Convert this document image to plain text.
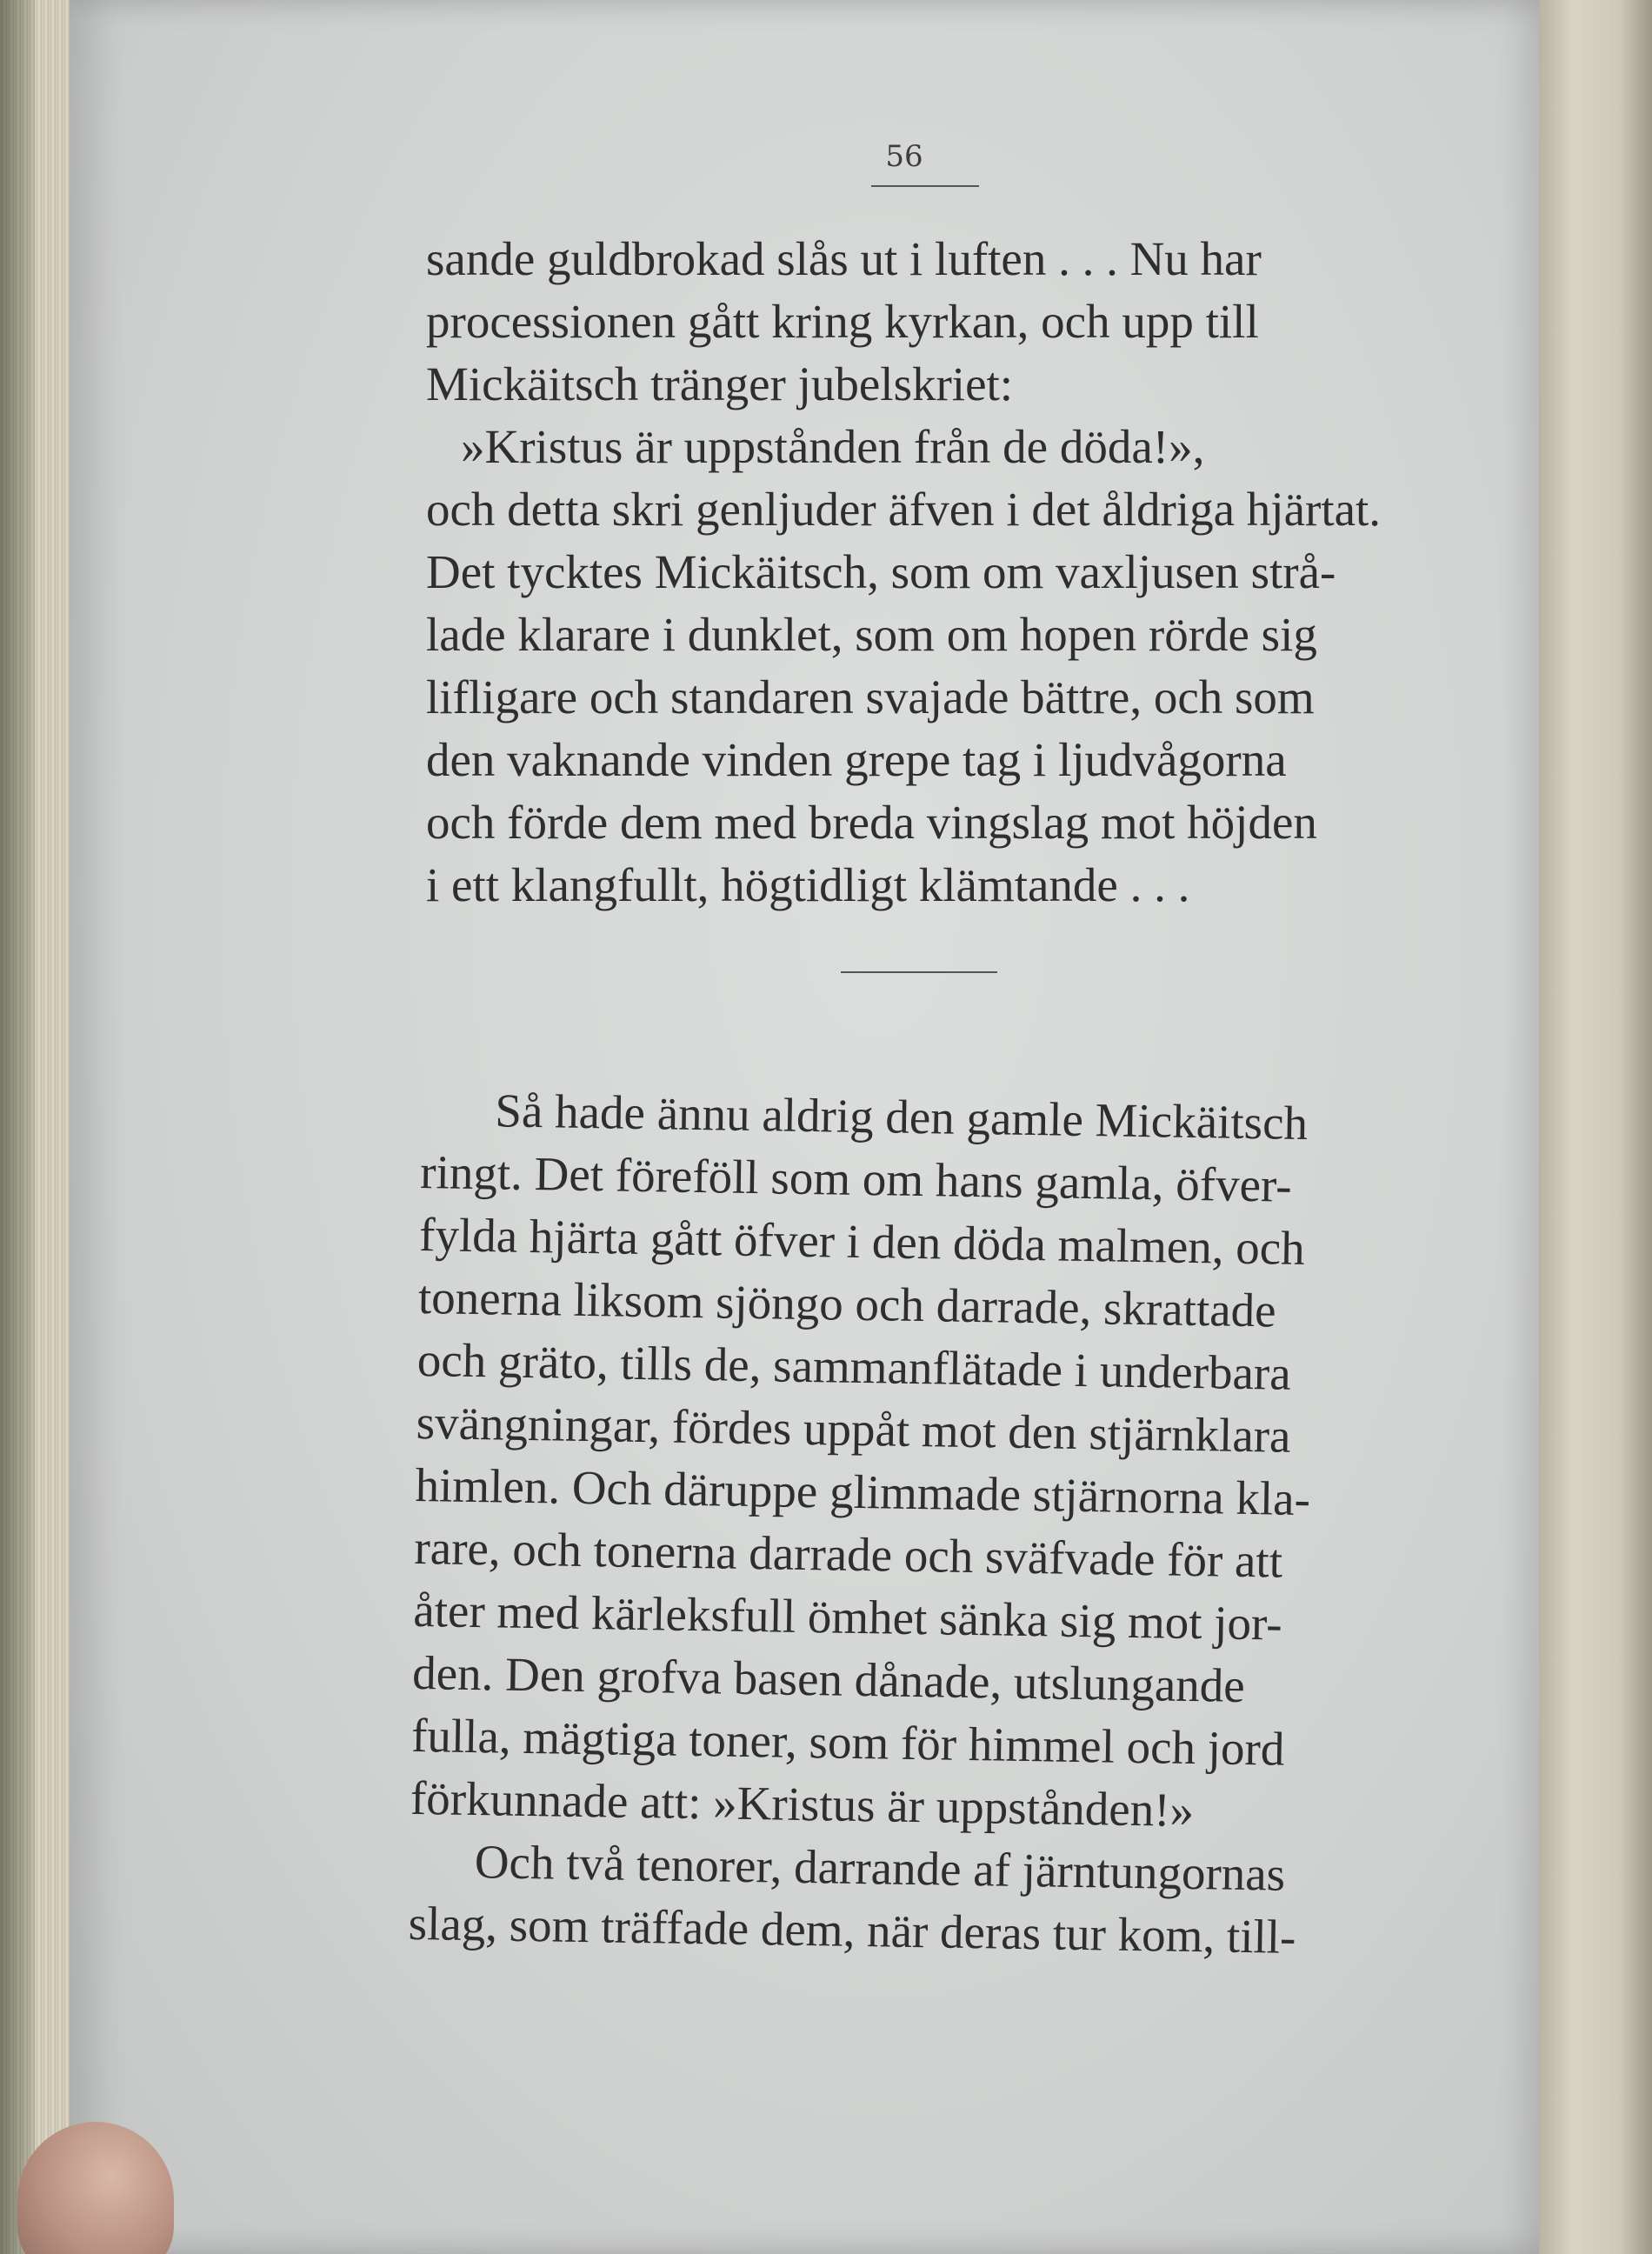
56
sande guldbrokad slås ut i luften . . . Nu har
processionen gått kring kyrkan, och upp till
Mickäitsch tränger jubelskriet:
»Kristus är uppstånden från de döda!»,
och detta skri genljuder äfven i det åldriga hjärtat.
Det tycktes Mickäitsch, som om vaxljusen strå-
lade klarare i dunklet, som om hopen rörde sig
lifligare och standaren svajade bättre, och som
den vaknande vinden grepe tag i ljudvågorna
och förde dem med breda vingslag mot höjden
i ett klangfullt, högtidligt klämtande . . .
Så hade ännu aldrig den gamle Mickäitsch
ringt. Det föreföll som om hans gamla, öfver-
fylda hjärta gått öfver i den döda malmen, och
tonerna liksom sjöngo och darrade, skrattade
och gräto, tills de, sammanflätade i underbara
svängningar, fördes uppåt mot den stjärnklara
himlen. Och däruppe glimmade stjärnorna kla-
rare, och tonerna darrade och sväfvade för att
åter med kärleksfull ömhet sänka sig mot jor-
den. Den grofva basen dånade, utslungande
fulla, mägtiga toner, som för himmel och jord
förkunnade att: »Kristus är uppstånden!»
Och två tenorer, darrande af järntungornas
slag, som träffade dem, när deras tur kom, till-
